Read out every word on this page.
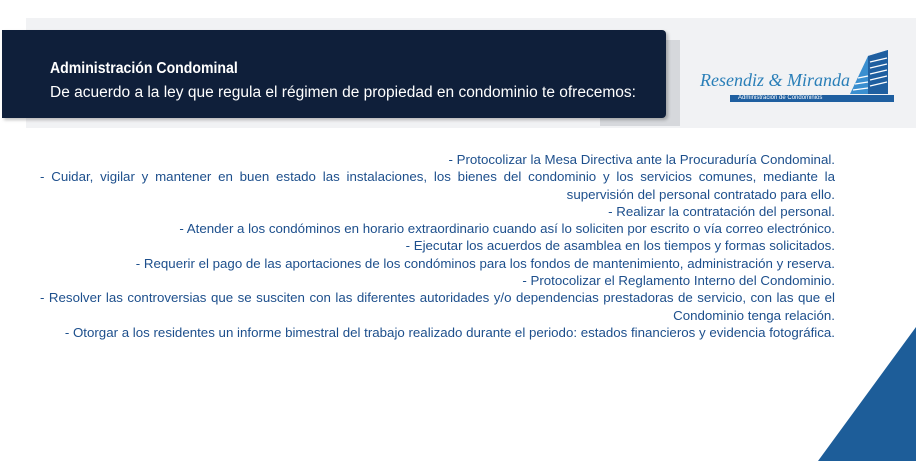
Administración Condominal
De acuerdo a la ley que regula el régimen de propiedad en condominio te ofrecemos:
Resendiz & Miranda
Administración de Condominios
- Protocolizar la Mesa Directiva ante la Procuraduría Condominal.
- Cuidar, vigilar y mantener en buen estado las instalaciones, los bienes del condominio y los servicios comunes, mediante la supervisión del personal contratado para ello.
- Realizar la contratación del personal.
- Atender a los condóminos en horario extraordinario cuando así lo soliciten por escrito o vía correo electrónico.
- Ejecutar los acuerdos de asamblea en los tiempos y formas solicitados.
- Requerir el pago de las aportaciones de los condóminos para los fondos de mantenimiento, administración y reserva.
- Protocolizar el Reglamento Interno del Condominio.
- Resolver las controversias que se susciten con las diferentes autoridades y/o dependencias prestadoras de servicio, con las que el Condominio tenga relación.
- Otorgar a los residentes un informe bimestral del trabajo realizado durante el periodo: estados financieros y evidencia fotográfica.
